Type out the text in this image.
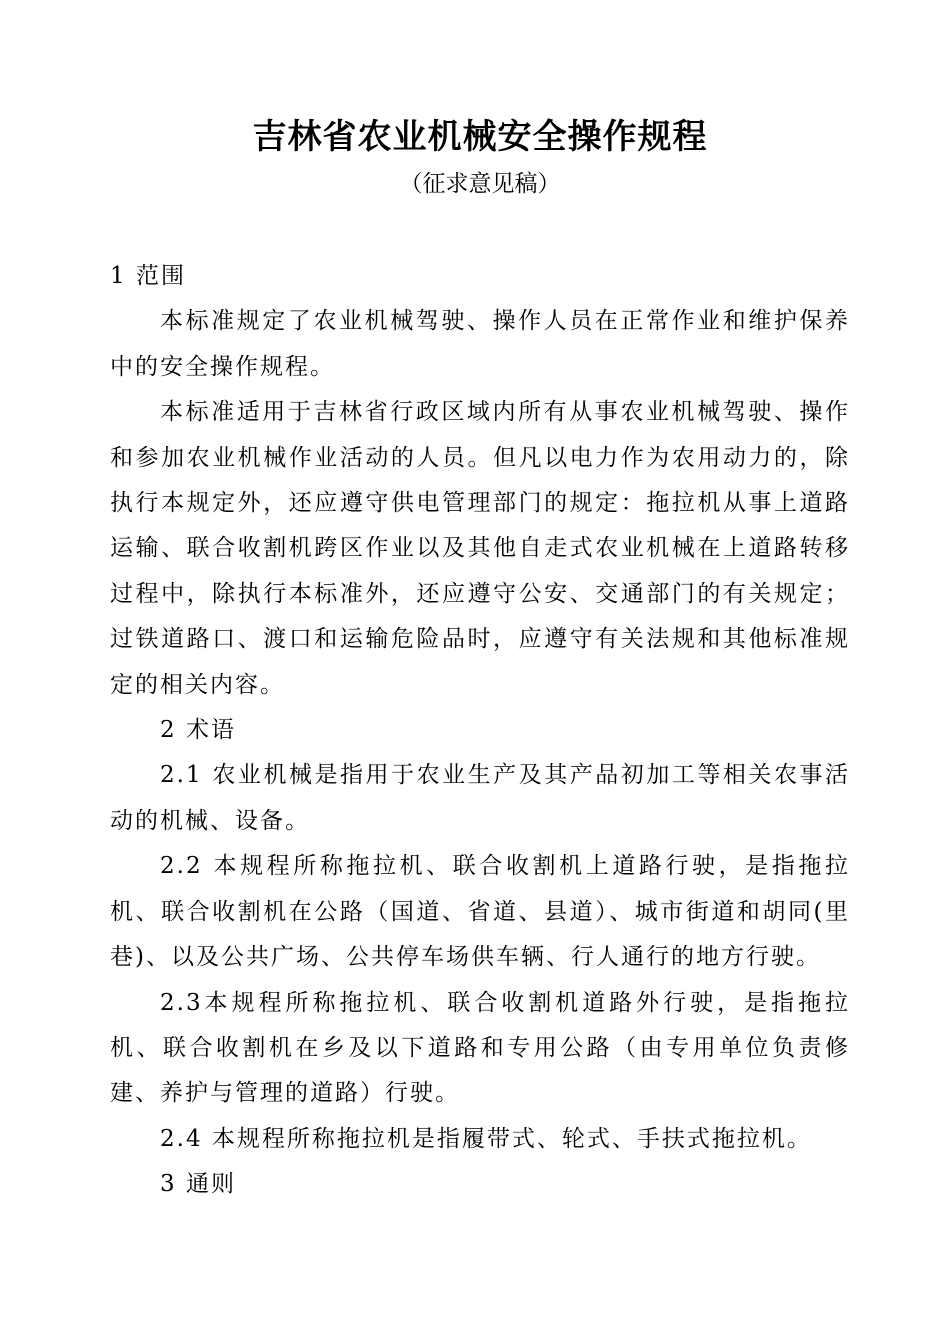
吉林省农业机械安全操作规程
（征求意见稿）

1 范围

本标准规定了农业机械驾驶、操作人员在正常作业和维护保养中的安全操作规程。

本标准适用于吉林省行政区域内所有从事农业机械驾驶、操作和参加农业机械作业活动的人员。但凡以电力作为农用动力的，除执行本规定外，还应遵守供电管理部门的规定：拖拉机从事上道路运输、联合收割机跨区作业以及其他自走式农业机械在上道路转移过程中，除执行本标准外，还应遵守公安、交通部门的有关规定；过铁道路口、渡口和运输危险品时，应遵守有关法规和其他标准规定的相关内容。

2 术语

2.1 农业机械是指用于农业生产及其产品初加工等相关农事活动的机械、设备。

2.2 本规程所称拖拉机、联合收割机上道路行驶，是指拖拉机、联合收割机在公路（国道、省道、县道）、城市街道和胡同(里巷)、以及公共广场、公共停车场供车辆、行人通行的地方行驶。

2.3本规程所称拖拉机、联合收割机道路外行驶，是指拖拉机、联合收割机在乡及以下道路和专用公路（由专用单位负责修建、养护与管理的道路）行驶。

2.4 本规程所称拖拉机是指履带式、轮式、手扶式拖拉机。

3 通则
